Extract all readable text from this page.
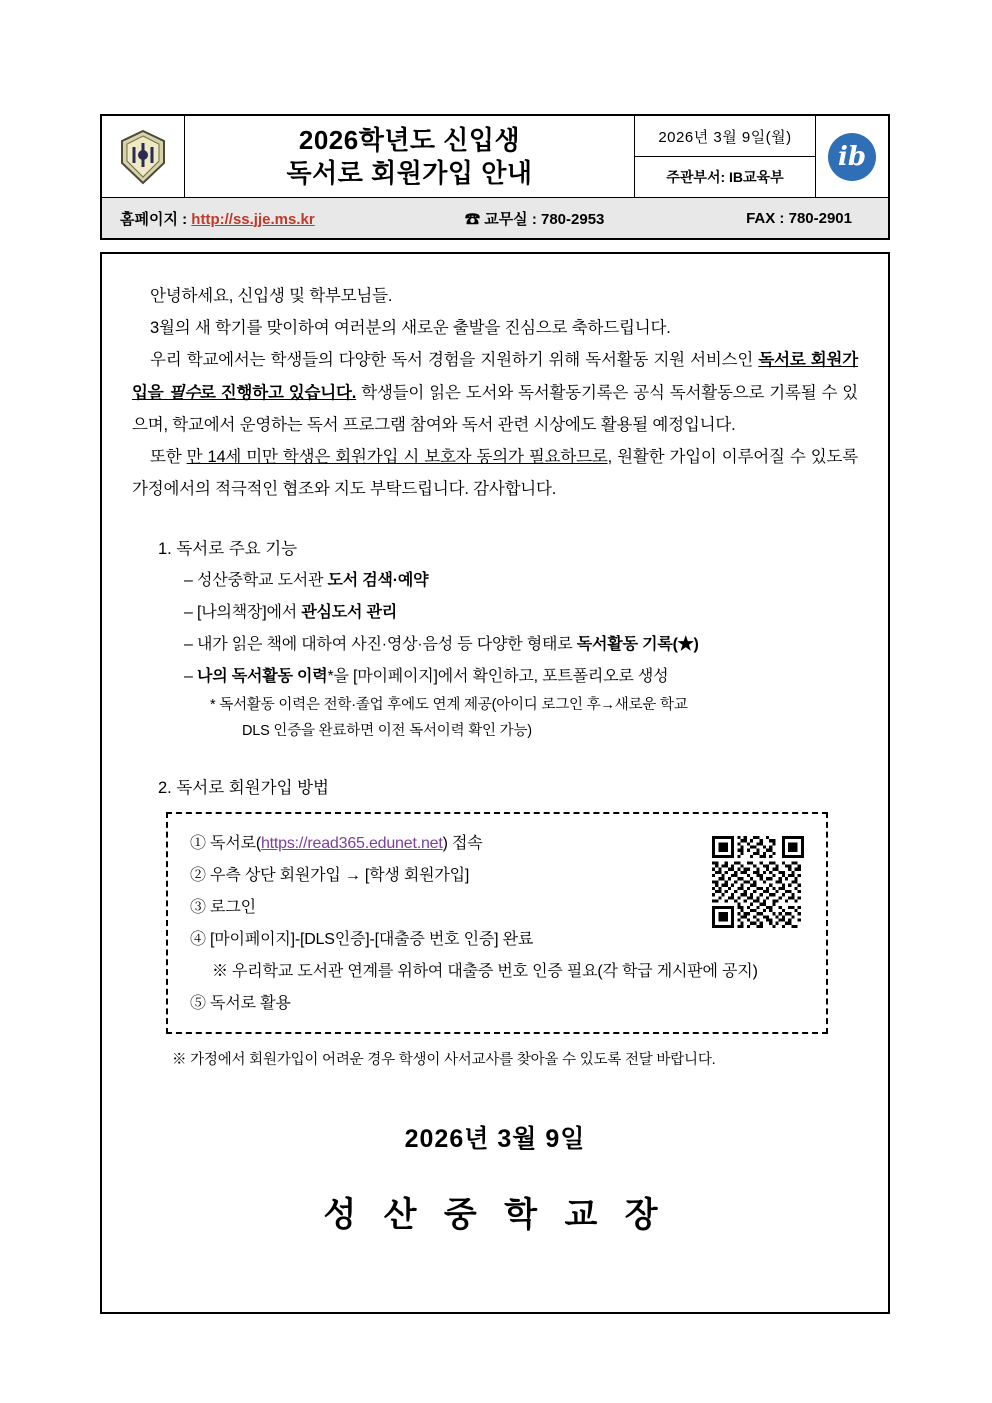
2026학년도 신입생
독서로 회원가입 안내
2026년 3월 9일(월)
주관부서: IB교육부
ib
홈페이지 : http://ss.jje.ms.kr	☎ 교무실 : 780-2953	FAX : 780-2901

안녕하세요, 신입생 및 학부모님들.

3월의 새 학기를 맞이하여 여러분의 새로운 출발을 진심으로 축하드립니다.

우리 학교에서는 학생들의 다양한 독서 경험을 지원하기 위해 독서활동 지원 서비스인 독서로 회원가입을 필수로 진행하고 있습니다. 학생들이 읽은 도서와 독서활동기록은 공식 독서활동으로 기록될 수 있으며, 학교에서 운영하는 독서 프로그램 참여와 독서 관련 시상에도 활용될 예정입니다.

또한 만 14세 미만 학생은 회원가입 시 보호자 동의가 필요하므로, 원활한 가입이 이루어질 수 있도록 가정에서의 적극적인 협조와 지도 부탁드립니다. 감사합니다.

1. 독서로 주요 기능
– 성산중학교 도서관 도서 검색·예약
– [나의책장]에서 관심도서 관리
– 내가 읽은 책에 대하여 사진·영상·음성 등 다양한 형태로 독서활동 기록(★)
– 나의 독서활동 이력*을 [마이페이지]에서 확인하고, 포트폴리오로 생성
* 독서활동 이력은 전학·졸업 후에도 연계 제공(아이디 로그인 후→새로운 학교
DLS 인증을 완료하면 이전 독서이력 확인 가능)
2. 독서로 회원가입 방법
① 독서로(https://read365.edunet.net) 접속
② 우측 상단 회원가입 → [학생 회원가입]
③ 로그인
④ [마이페이지]-[DLS인증]-[대출증 번호 인증] 완료
※ 우리학교 도서관 연계를 위하여 대출증 번호 인증 필요(각 학급 게시판에 공지)
⑤ 독서로 활용
※ 가정에서 회원가입이 어려운 경우 학생이 사서교사를 찾아올 수 있도록 전달 바랍니다.
2026년 3월 9일
성 산 중 학 교 장
